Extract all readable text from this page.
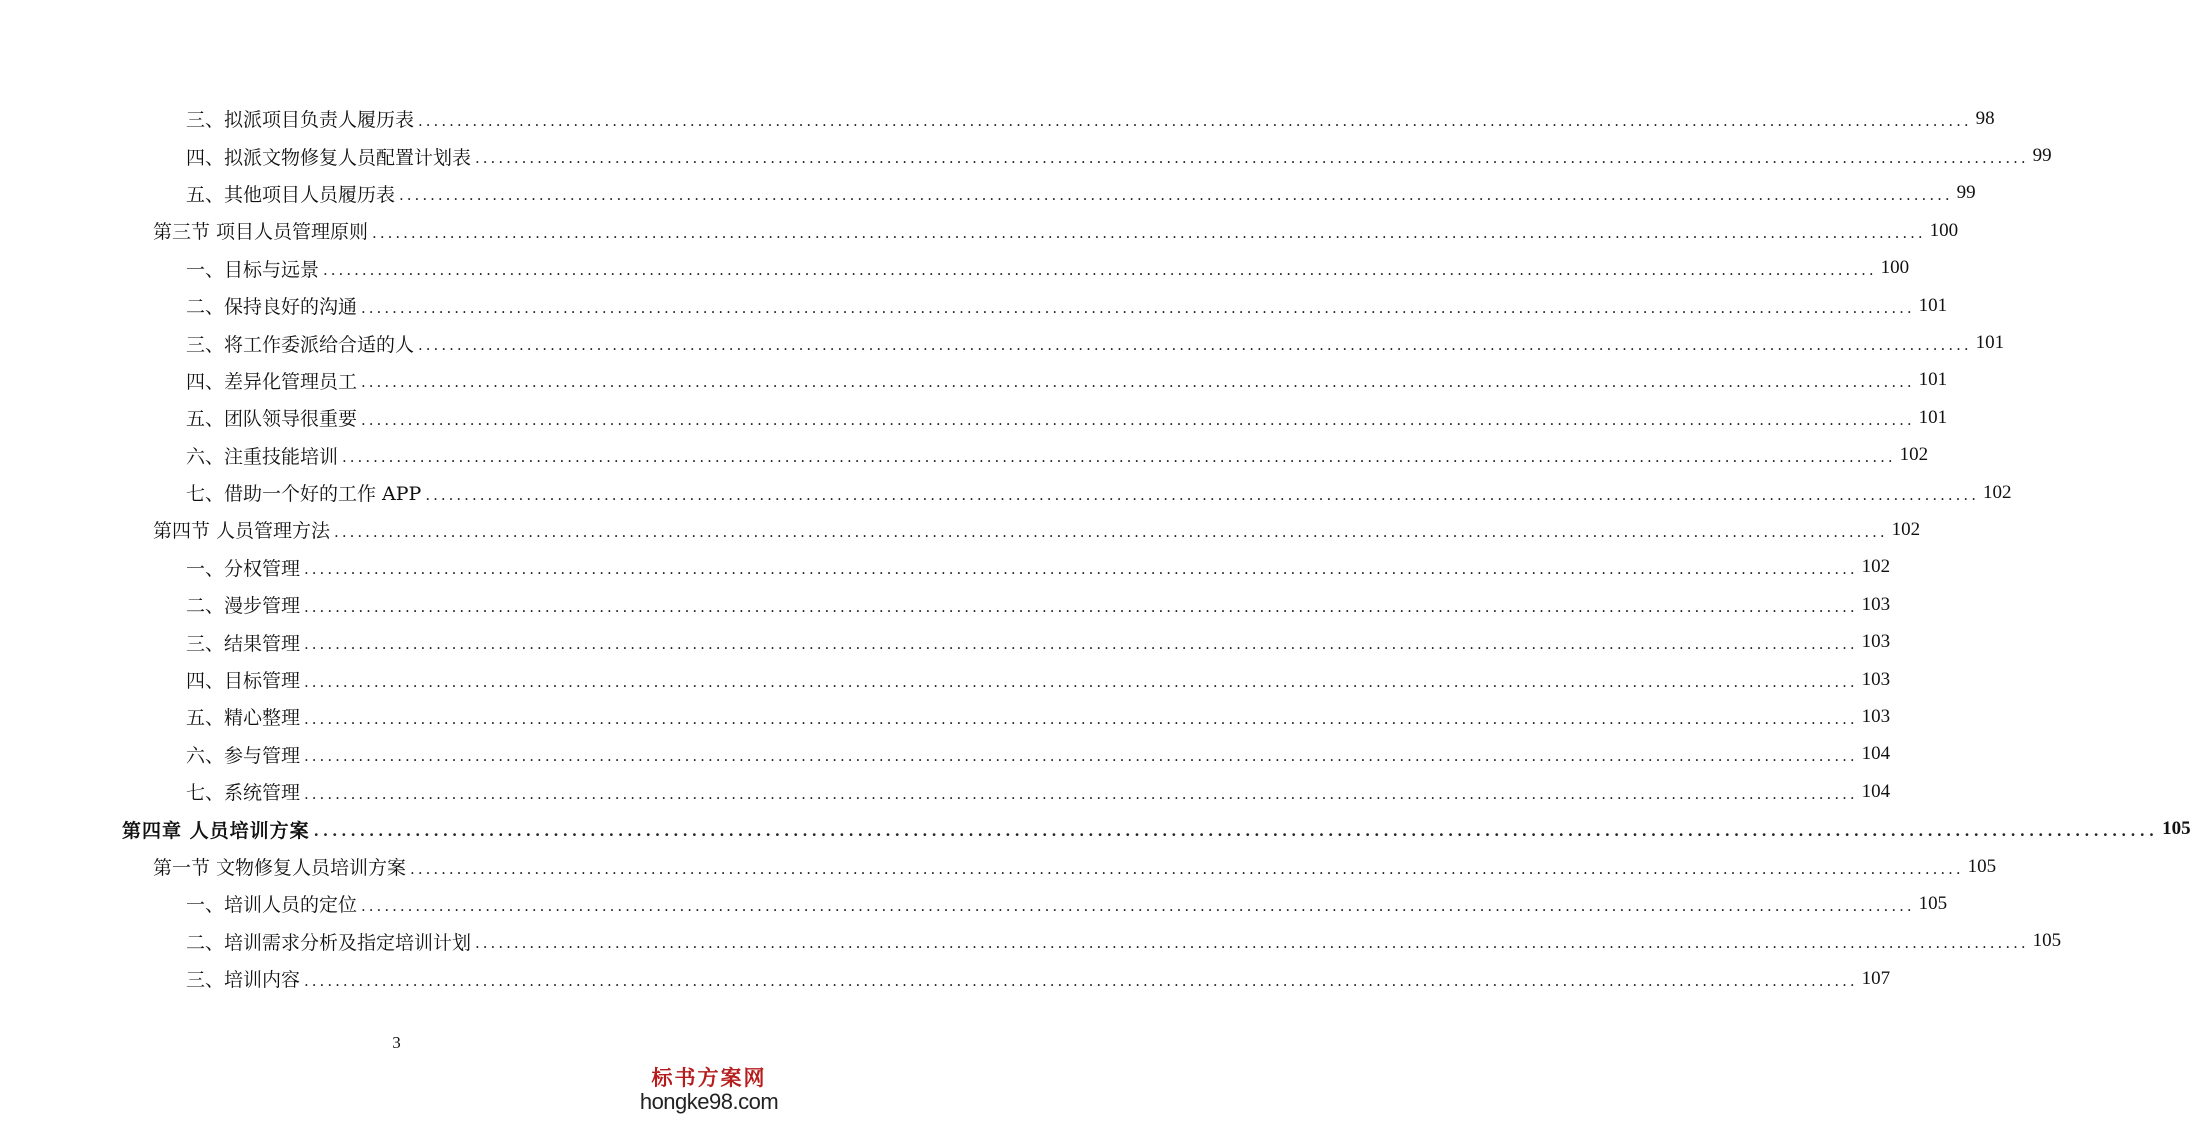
三、拟派项目负责人履历表 ........................................................................................................................................................................................................ 98
四、拟派文物修复人员配置计划表 ........................................................................................................................................................................................................ 99
五、其他项目人员履历表 ........................................................................................................................................................................................................ 99
第三节 项目人员管理原则 ........................................................................................................................................................................................................ 100
一、目标与远景 ........................................................................................................................................................................................................ 100
二、保持良好的沟通 ........................................................................................................................................................................................................ 101
三、将工作委派给合适的人 ........................................................................................................................................................................................................ 101
四、差异化管理员工 ........................................................................................................................................................................................................ 101
五、团队领导很重要 ........................................................................................................................................................................................................ 101
六、注重技能培训 ........................................................................................................................................................................................................ 102
七、借助一个好的工作 APP ........................................................................................................................................................................................................ 102
第四节 人员管理方法 ........................................................................................................................................................................................................ 102
一、分权管理 ........................................................................................................................................................................................................ 102
二、漫步管理 ........................................................................................................................................................................................................ 103
三、结果管理 ........................................................................................................................................................................................................ 103
四、目标管理 ........................................................................................................................................................................................................ 103
五、精心整理 ........................................................................................................................................................................................................ 103
六、参与管理 ........................................................................................................................................................................................................ 104
七、系统管理 ........................................................................................................................................................................................................ 104
第四章 人员培训方案 ........................................................................................................................................................................................................ 105
第一节 文物修复人员培训方案 ........................................................................................................................................................................................................ 105
一、培训人员的定位 ........................................................................................................................................................................................................ 105
二、培训需求分析及指定培训计划 ........................................................................................................................................................................................................ 105
三、培训内容 ........................................................................................................................................................................................................ 107
3
标书方案网
hongke98.com
